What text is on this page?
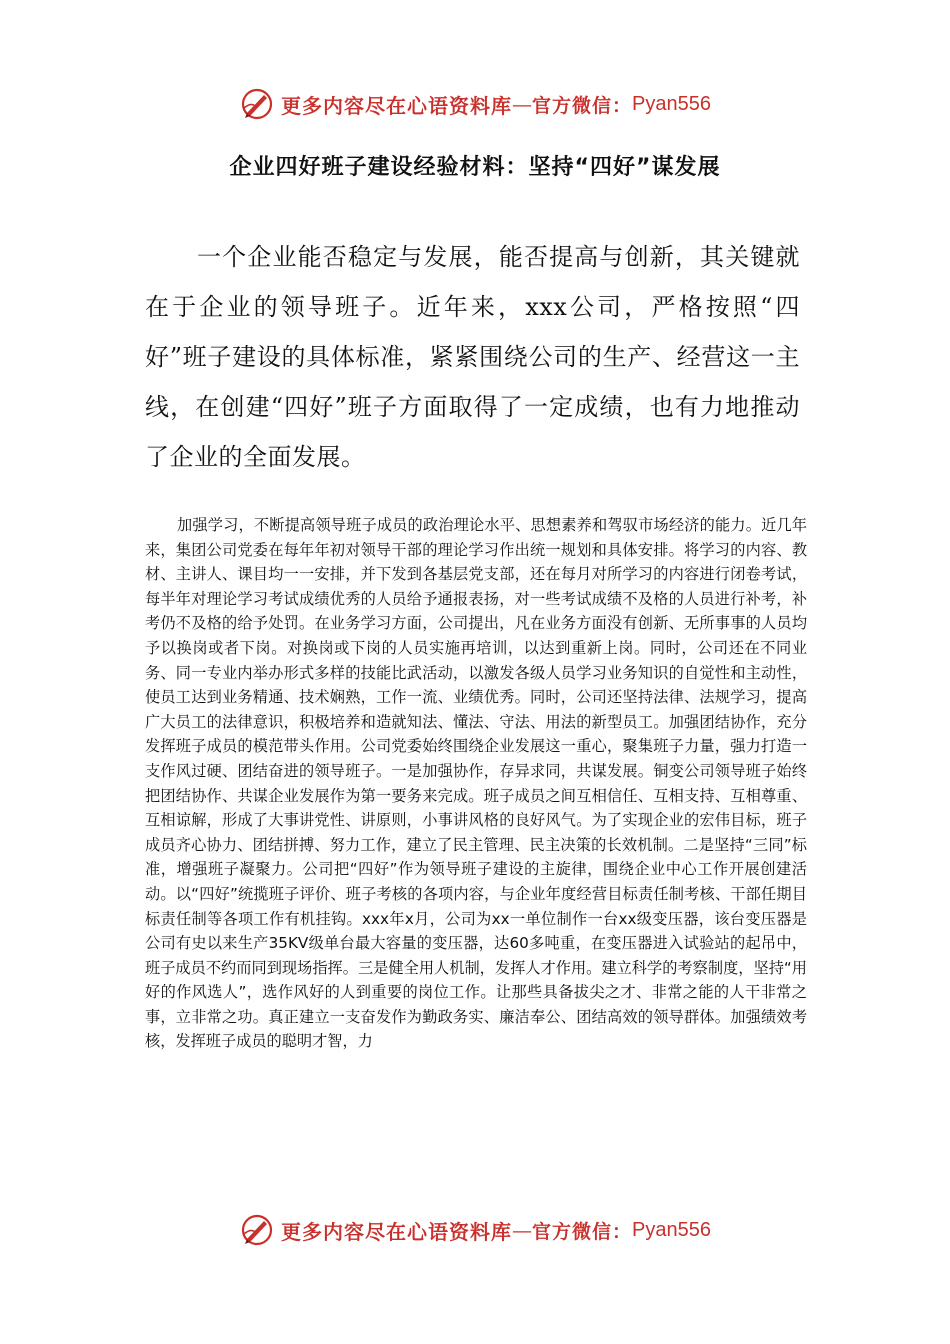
更多内容尽在心语资料库 — 官方微信： Pyan556
企业四好班子建设经验材料：坚持“四好”谋发展

一个企业能否稳定与发展，能否提高与创新，其关键就在于企业的领导班子。近年来，xxx公司，严格按照“四好”班子建设的具体标准，紧紧围绕公司的生产、经营这一主线，在创建“四好”班子方面取得了一定成绩，也有力地推动了企业的全面发展。

加强学习，不断提高领导班子成员的政治理论水平、思想素养和驾驭市场经济的能力。近几年来，集团公司党委在每年年初对领导干部的理论学习作出统一规划和具体安排。将学习的内容、教材、主讲人、课目均一一安排，并下发到各基层党支部，还在每月对所学习的内容进行闭卷考试，每半年对理论学习考试成绩优秀的人员给予通报表扬，对一些考试成绩不及格的人员进行补考，补考仍不及格的给予处罚。在业务学习方面，公司提出，凡在业务方面没有创新、无所事事的人员均予以换岗或者下岗。对换岗或下岗的人员实施再培训，以达到重新上岗。同时，公司还在不同业务、同一专业内举办形式多样的技能比武活动，以激发各级人员学习业务知识的自觉性和主动性，使员工达到业务精通、技术娴熟，工作一流、业绩优秀。同时，公司还坚持法律、法规学习，提高广大员工的法律意识，积极培养和造就知法、懂法、守法、用法的新型员工。加强团结协作，充分发挥班子成员的模范带头作用。公司党委始终围绕企业发展这一重心，聚集班子力量，强力打造一支作风过硬、团结奋进的领导班子。一是加强协作，存异求同，共谋发展。铜变公司领导班子始终把团结协作、共谋企业发展作为第一要务来完成。班子成员之间互相信任、互相支持、互相尊重、互相谅解，形成了大事讲党性、讲原则，小事讲风格的良好风气。为了实现企业的宏伟目标，班子成员齐心协力、团结拼搏、努力工作，建立了民主管理、民主决策的长效机制。二是坚持“三同”标准，增强班子凝聚力。公司把“四好”作为领导班子建设的主旋律，围绕企业中心工作开展创建活动。以“四好”统揽班子评价、班子考核的各项内容，与企业年度经营目标责任制考核、干部任期目标责任制等各项工作有机挂钩。xxx年x月，公司为xx一单位制作一台xx级变压器，该台变压器是公司有史以来生产35KV级单台最大容量的变压器，达60多吨重，在变压器进入试验站的起吊中，班子成员不约而同到现场指挥。三是健全用人机制，发挥人才作用。建立科学的考察制度，坚持“用好的作风选人”，选作风好的人到重要的岗位工作。让那些具备拔尖之才、非常之能的人干非常之事，立非常之功。真正建立一支奋发作为勤政务实、廉洁奉公、团结高效的领导群体。加强绩效考核，发挥班子成员的聪明才智，力

更多内容尽在心语资料库 — 官方微信： Pyan556
